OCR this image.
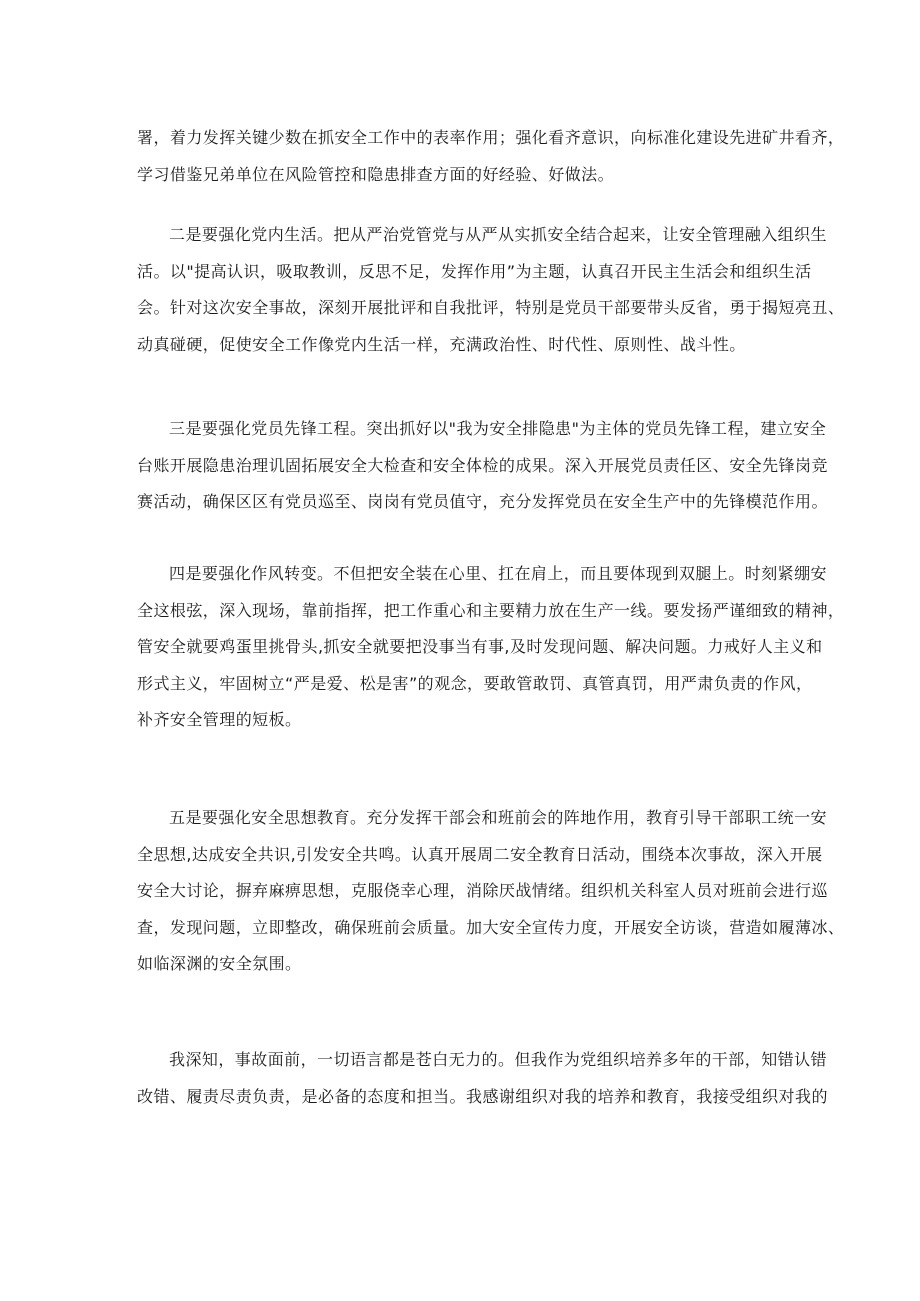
署，着力发挥关键少数在抓安全工作中的表率作用；强化看齐意识，向标准化建设先进矿井看齐，
学习借鉴兄弟单位在风险管控和隐患排查方面的好经验、好做法。
二是要强化党内生活。把从严治党管党与从严从实抓安全结合起来，让安全管理融入组织生
活。以"提高认识，吸取教训，反思不足，发挥作用”为主题，认真召开民主生活会和组织生活
会。针对这次安全事故，深刻开展批评和自我批评，特别是党员干部要带头反省，勇于揭短亮丑、
动真碰硬，促使安全工作像党内生活一样，充满政治性、时代性、原则性、战斗性。
三是要强化党员先锋工程。突出抓好以"我为安全排隐患"为主体的党员先锋工程，建立安全
台账开展隐患治理讥固拓展安全大检查和安全体检的成果。深入开展党员责任区、安全先锋岗竞
赛活动，确保区区有党员巡至、岗岗有党员值守，充分发挥党员在安全生产中的先锋模范作用。
四是要强化作风转变。不但把安全装在心里、扛在肩上，而且要体现到双腿上。时刻紧绷安
全这根弦，深入现场，靠前指挥，把工作重心和主要精力放在生产一线。要发扬严谨细致的精神，
管安全就要鸡蛋里挑骨头,抓安全就要把没事当有事,及时发现问题、解决问题。力戒好人主义和
形式主义，牢固树立“严是爱、松是害”的观念，要敢管敢罚、真管真罚，用严肃负责的作风，
补齐安全管理的短板。
五是要强化安全思想教育。充分发挥干部会和班前会的阵地作用，教育引导干部职工统一安
全思想,达成安全共识,引发安全共鸣。认真开展周二安全教育日活动，围绕本次事故，深入开展
安全大讨论，摒弃麻痹思想，克服侥幸心理，消除厌战情绪。组织机关科室人员对班前会进行巡
查，发现问题，立即整改，确保班前会质量。加大安全宣传力度，开展安全访谈，营造如履薄冰、
如临深渊的安全氛围。
我深知，事故面前，一切语言都是苍白无力的。但我作为党组织培养多年的干部，知错认错
改错、履责尽责负责，是必备的态度和担当。我感谢组织对我的培养和教育，我接受组织对我的
